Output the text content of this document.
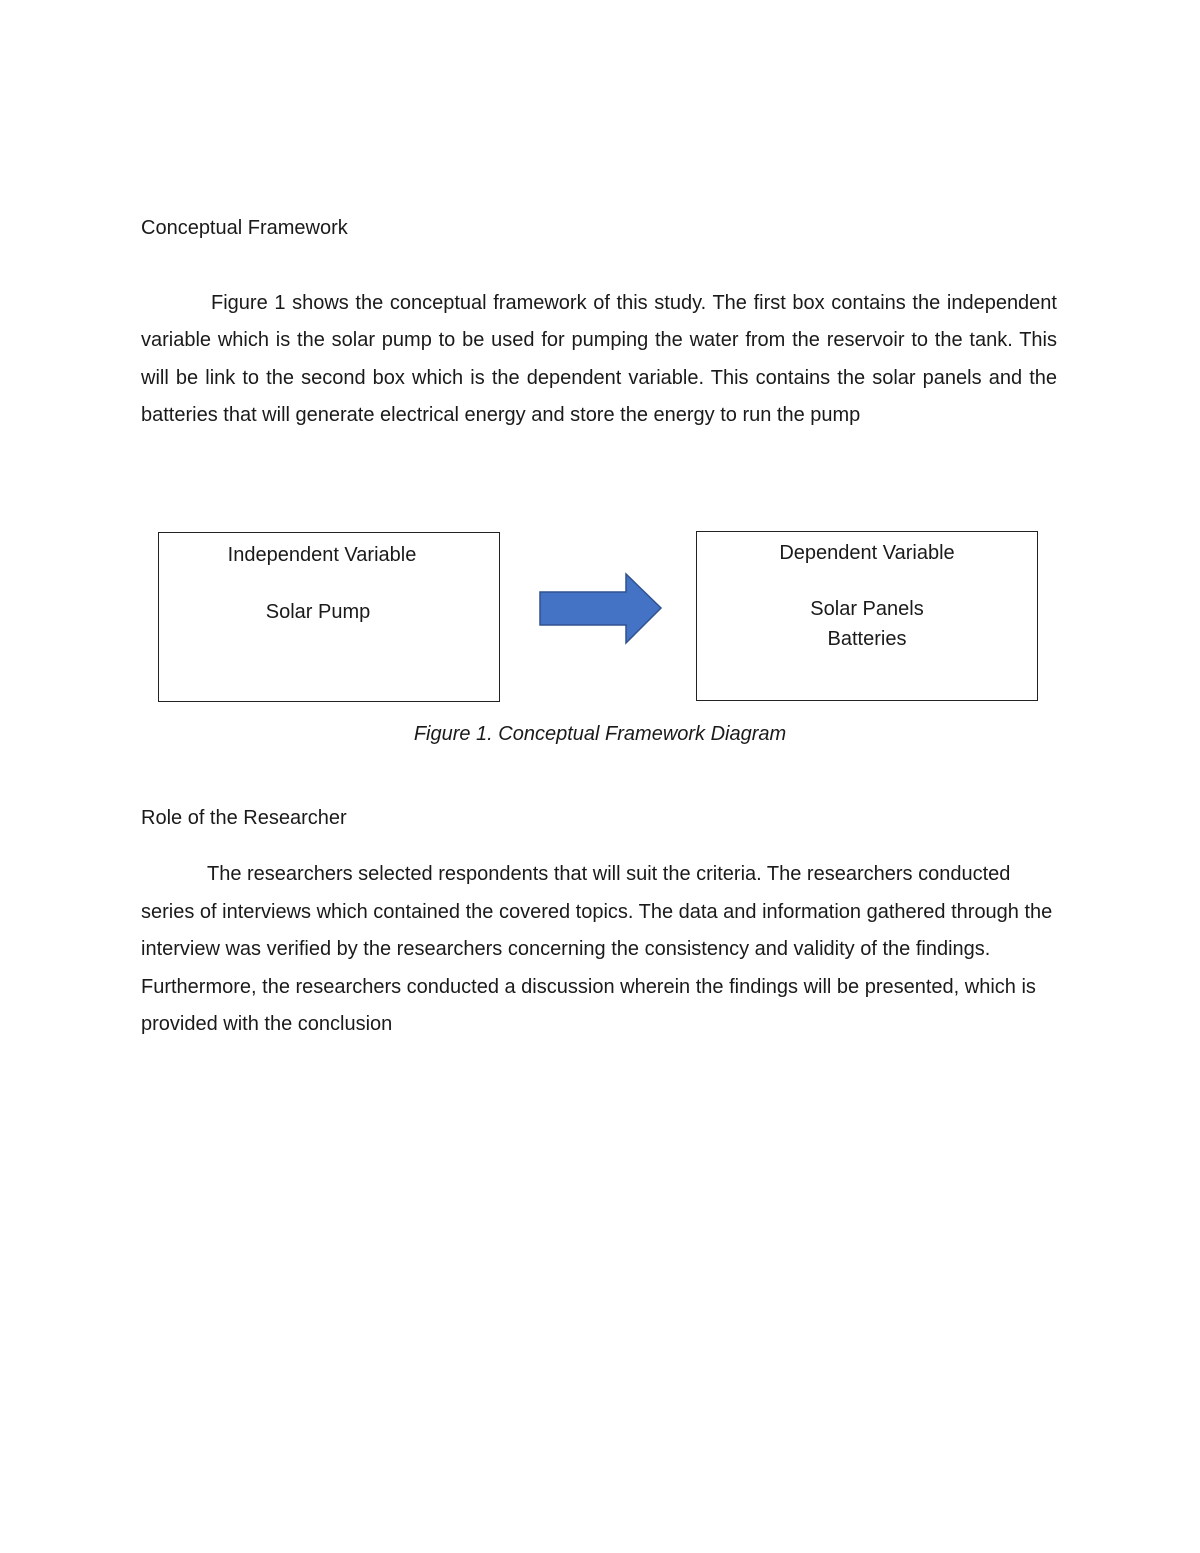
Conceptual Framework

Figure 1 shows the conceptual framework of this study. The first box contains the independent variable which is the solar pump to be used for pumping the water from the reservoir to the tank. This will be link to the second box which is the dependent variable. This contains the solar panels and the batteries that will generate electrical energy and store the energy to run the pump

Independent Variable
Solar Pump
Dependent Variable
Solar Panels
Batteries

Figure 1. Conceptual Framework Diagram

Role of the Researcher

The researchers selected respondents that will suit the criteria. The researchers conducted series of interviews which contained the covered topics. The data and information gathered through the interview was verified by the researchers concerning the consistency and validity of the findings. Furthermore, the researchers conducted a discussion wherein the findings will be presented, which is provided with the conclusion
